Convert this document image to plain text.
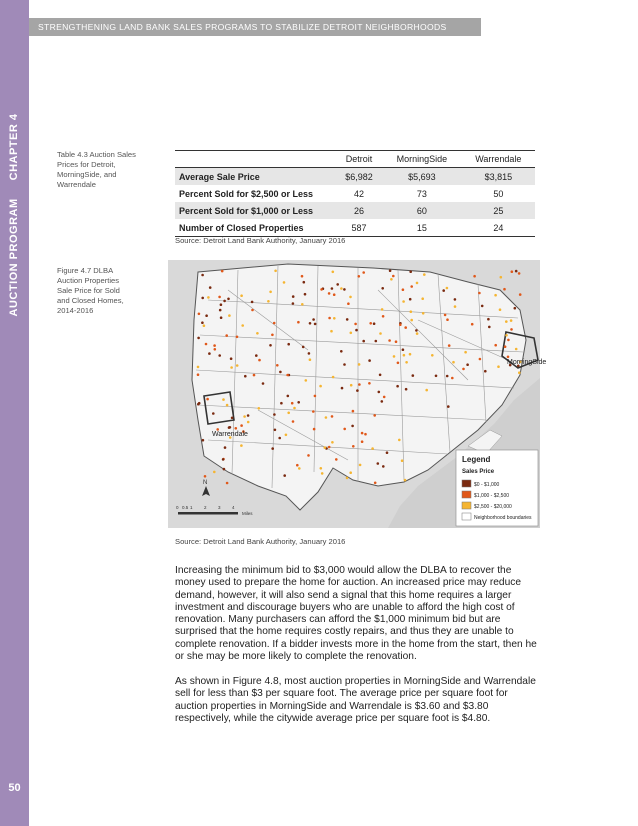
AUCTION PROGRAMCHAPTER 4
50
STRENGTHENING LAND BANK SALES PROGRAMS TO STABILIZE DETROIT NEIGHBORHOODS
Table 4.3 Auction Sales
Prices for Detroit,
MorningSide, and
Warrendale
	Detroit	MorningSide	Warrendale
Average Sale Price	$6,982	$5,693	$3,815
Percent Sold for $2,500 or Less	42	73	50
Percent Sold for $1,000 or Less	26	60	25
Number of Closed Properties	587	15	24
Source: Detroit Land Bank Authority, January 2016
Figure 4.7 DLBA
Auction Properties
Sale Price for Sold
and Closed Homes,
2014-2016
MorningSide
Warrendale
N
0 0.5 1	2	3	4
Miles
Legend
Sales Price
$0 - $1,000
$1,000 - $2,500
$2,500 - $20,000
Neighborhood boundaries
Source: Detroit Land Bank Authority, January 2016
Increasing the minimum bid to $3,000 would allow the DLBA to recover the money used to prepare the home for auction. An increased price may reduce demand, however, it will also send a signal that this home requires a larger investment and discourage buyers who are unable to afford the high cost of renovation. Many purchasers can afford the $1,000 minimum bid but are surprised that the home requires costly repairs, and thus they are unable to complete renovation. If a bidder invests more in the home from the start, then he or she may be more likely to complete the renovation.
As shown in Figure 4.8, most auction properties in MorningSide and Warrendale sell for less than $3 per square foot. The average price per square foot for auction properties in MorningSide and Warrendale is $3.60 and $3.80 respectively, while the citywide average price per square foot is $4.80.
